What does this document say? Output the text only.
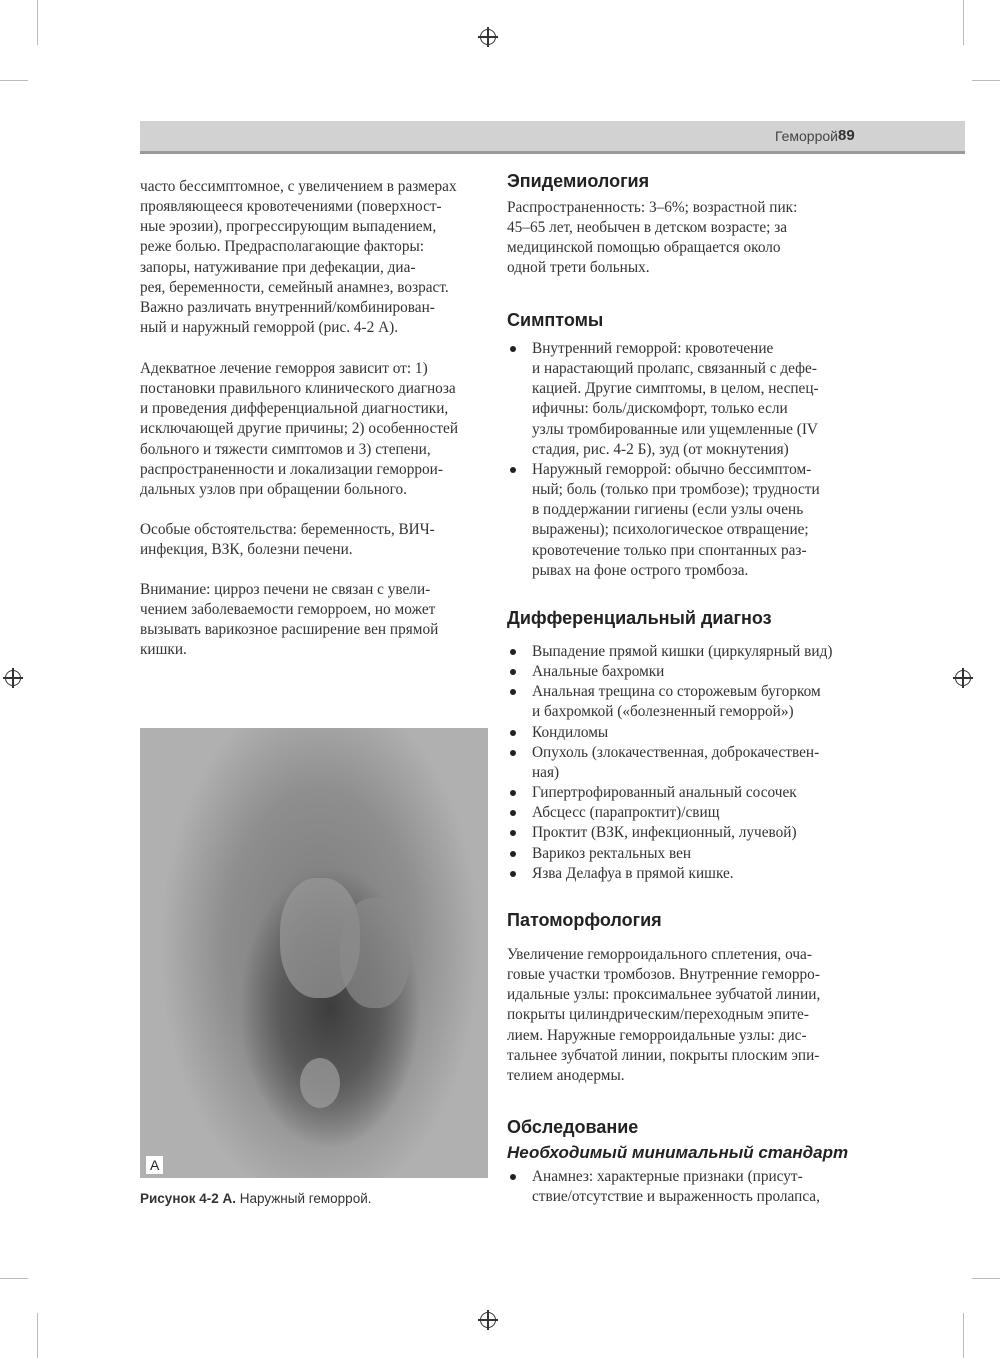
Геморрой 89
часто бессимптомное, с увеличением в размерах
проявляющееся кровотечениями (поверхност-
ные эрозии), прогрессирующим выпадением,
реже болью. Предрасполагающие факторы:
запоры, натуживание при дефекации, диа-
рея, беременности, семейный анамнез, возраст.
Важно различать внутренний/комбинирован-
ный и наружный геморрой (рис. 4-2 А).
Адекватное лечение геморроя зависит от: 1)
постановки правильного клинического диагноза
и проведения дифференциальной диагностики,
исключающей другие причины; 2) особенностей
больного и тяжести симптомов и 3) степени,
распространенности и локализации геморрои-
дальных узлов при обращении больного.
Особые обстоятельства: беременность, ВИЧ-
инфекция, ВЗК, болезни печени.
Внимание: цирроз печени не связан с увели-
чением заболеваемости геморроем, но может
вызывать варикозное расширение вен прямой
кишки.
A
Рисунок 4-2 А. Наружный геморрой.
Эпидемиология
Распространенность: 3–6%; возрастной пик:
45–65 лет, необычен в детском возрасте; за
медицинской помощью обращается около
одной трети больных.
Симптомы
Внутренний геморрой: кровотечение
и нарастающий пролапс, связанный с дефе-
кацией. Другие симптомы, в целом, неспец-
ифичны: боль/дискомфорт, только если
узлы тромбированные или ущемленные (IV
стадия, рис. 4-2 Б), зуд (от мокнутения)
Наружный геморрой: обычно бессимптом-
ный; боль (только при тромбозе); трудности
в поддержании гигиены (если узлы очень
выражены); психологическое отвращение;
кровотечение только при спонтанных раз-
рывах на фоне острого тромбоза.
Дифференциальный диагноз
Выпадение прямой кишки (циркулярный вид)
Анальные бахромки
Анальная трещина со сторожевым бугорком
и бахромкой («болезненный геморрой»)
Кондиломы
Опухоль (злокачественная, доброкачествен-
ная)
Гипертрофированный анальный сосочек
Абсцесс (парапроктит)/свищ
Проктит (ВЗК, инфекционный, лучевой)
Варикоз ректальных вен
Язва Делафуа в прямой кишке.
Патоморфология
Увеличение геморроидального сплетения, оча-
говые участки тромбозов. Внутренние геморро-
идальные узлы: проксимальнее зубчатой линии,
покрыты цилиндрическим/переходным эпите-
лием. Наружные геморроидальные узлы: дис-
тальнее зубчатой линии, покрыты плоским эпи-
телием анодермы.
Обследование
Необходимый минимальный стандарт
Анамнез: характерные признаки (присут-
ствие/отсутствие и выраженность пролапса,
